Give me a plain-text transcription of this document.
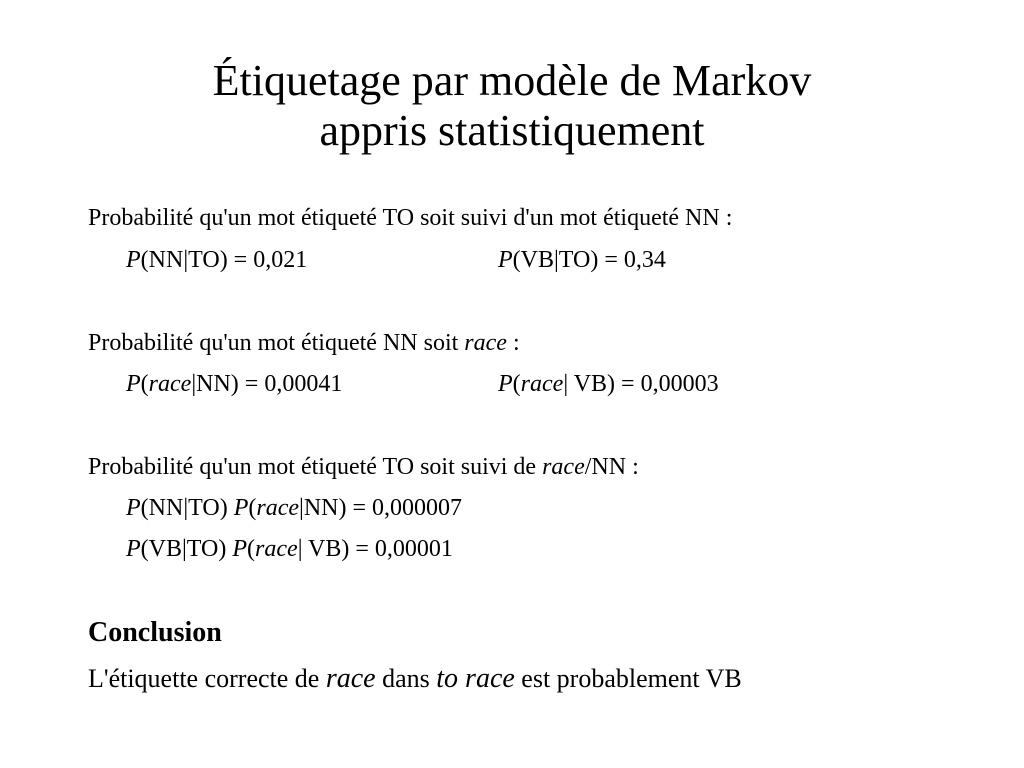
Étiquetage par modèle de Markov
appris statistiquement

Probabilité qu'un mot étiqueté TO soit suivi d'un mot étiqueté NN :

P(NN|TO) = 0,021	P(VB|TO) = 0,34

Probabilité qu'un mot étiqueté NN soit race :

P(race|NN) = 0,00041	P(race| VB) = 0,00003

Probabilité qu'un mot étiqueté TO soit suivi de race/NN :

P(NN|TO) P(race|NN) = 0,000007

P(VB|TO) P(race| VB) = 0,00001

Conclusion

L'étiquette correcte de race dans to race est probablement VB
